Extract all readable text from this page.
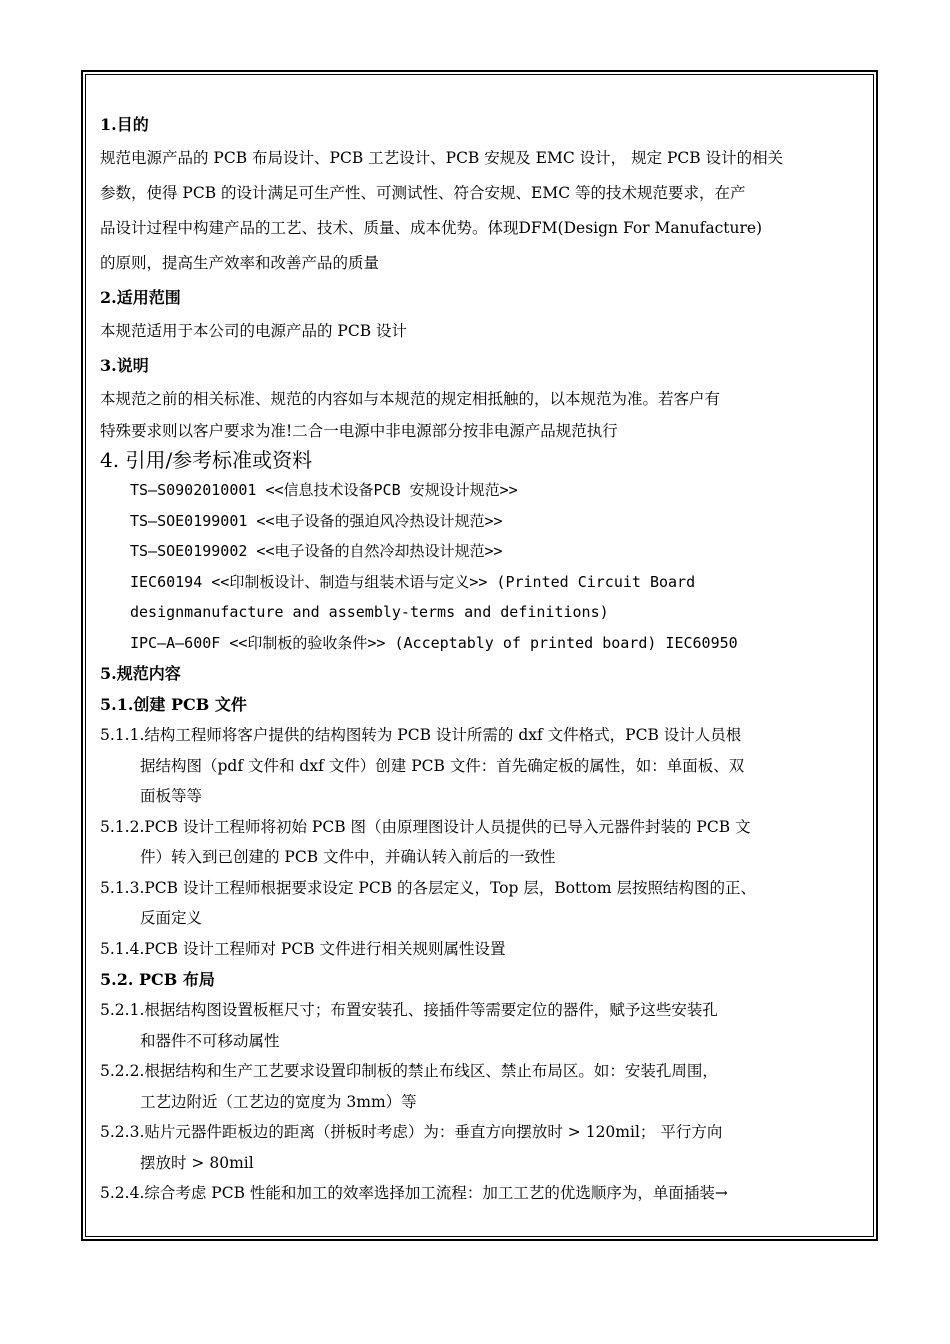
1.目的
规范电源产品的 PCB 布局设计、PCB 工艺设计、PCB 安规及 EMC 设计， 规定 PCB 设计的相关
参数，使得 PCB 的设计满足可生产性、可测试性、符合安规、EMC 等的技术规范要求，在产
品设计过程中构建产品的工艺、技术、质量、成本优势。体现DFM(Design For Manufacture)
的原则，提高生产效率和改善产品的质量
2.适用范围
本规范适用于本公司的电源产品的 PCB 设计
3.说明
本规范之前的相关标准、规范的内容如与本规范的规定相抵触的，以本规范为准。若客户有
特殊要求则以客户要求为准!二合一电源中非电源部分按非电源产品规范执行
4. 引用/参考标准或资料
TS—S0902010001 <<信息技术设备PCB 安规设计规范>>
TS—SOE0199001 <<电子设备的强迫风冷热设计规范>>
TS—SOE0199002 <<电子设备的自然冷却热设计规范>>
IEC60194 <<印制板设计、制造与组装术语与定义>> (Printed Circuit Board
designmanufacture and assembly-terms and definitions)
IPC—A—600F <<印制板的验收条件>> (Acceptably of printed board) IEC60950
5.规范内容
5.1.创建 PCB 文件
5.1.1.结构工程师将客户提供的结构图转为 PCB 设计所需的 dxf 文件格式，PCB 设计人员根
据结构图（pdf 文件和 dxf 文件）创建 PCB 文件：首先确定板的属性，如：单面板、双
面板等等
5.1.2.PCB 设计工程师将初始 PCB 图（由原理图设计人员提供的已导入元器件封装的 PCB 文
件）转入到已创建的 PCB 文件中，并确认转入前后的一致性
5.1.3.PCB 设计工程师根据要求设定 PCB 的各层定义，Top 层，Bottom 层按照结构图的正、
反面定义
5.1.4.PCB 设计工程师对 PCB 文件进行相关规则属性设置
5.2. PCB 布局
5.2.1.根据结构图设置板框尺寸；布置安装孔、接插件等需要定位的器件，赋予这些安装孔
和器件不可移动属性
5.2.2.根据结构和生产工艺要求设置印制板的禁止布线区、禁止布局区。如：安装孔周围，
工艺边附近（工艺边的宽度为 3mm）等
5.2.3.贴片元器件距板边的距离（拼板时考虑）为：垂直方向摆放时 > 120mil； 平行方向
摆放时 > 80mil
5.2.4.综合考虑 PCB 性能和加工的效率选择加工流程：加工工艺的优选顺序为，单面插装→
